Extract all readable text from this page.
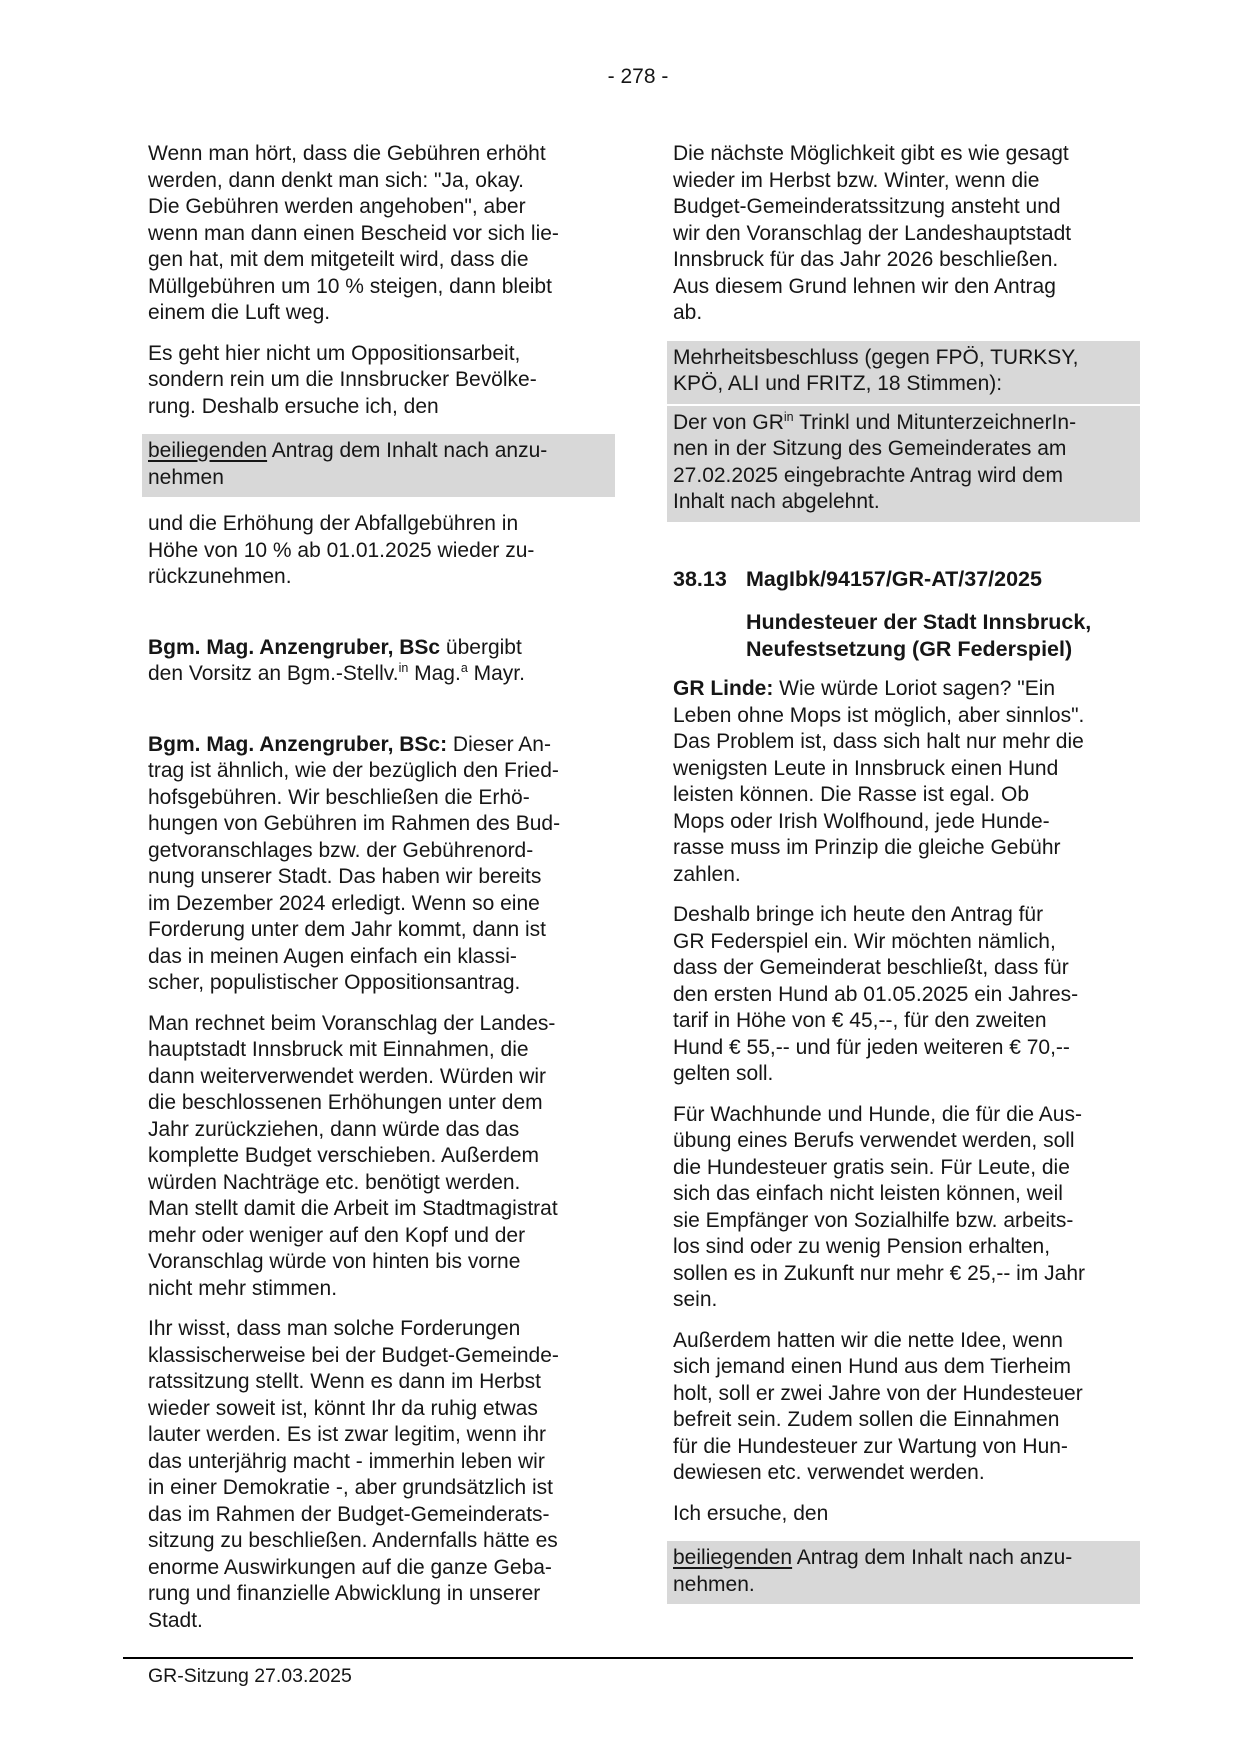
- 278 -
Wenn man hört, dass die Gebühren erhöht
werden, dann denkt man sich: "Ja, okay.
Die Gebühren werden angehoben", aber
wenn man dann einen Bescheid vor sich lie-
gen hat, mit dem mitgeteilt wird, dass die
Müllgebühren um 10 % steigen, dann bleibt
einem die Luft weg.
Es geht hier nicht um Oppositionsarbeit,
sondern rein um die Innsbrucker Bevölke-
rung. Deshalb ersuche ich, den
beiliegenden Antrag dem Inhalt nach anzu-
nehmen
und die Erhöhung der Abfallgebühren in
Höhe von 10 % ab 01.01.2025 wieder zu-
rückzunehmen.
Bgm. Mag. Anzengruber, BSc übergibt
den Vorsitz an Bgm.-Stellv.$^{in}$ Mag.$^a$ Mayr.
Bgm. Mag. Anzengruber, BSc: Dieser An-
trag ist ähnlich, wie der bezüglich den Fried-
hofsgebühren. Wir beschließen die Erhö-
hungen von Gebühren im Rahmen des Bud-
getvoranschlages bzw. der Gebührenord-
nung unserer Stadt. Das haben wir bereits
im Dezember 2024 erledigt. Wenn so eine
Forderung unter dem Jahr kommt, dann ist
das in meinen Augen einfach ein klassi-
scher, populistischer Oppositionsantrag.
Man rechnet beim Voranschlag der Landes-
hauptstadt Innsbruck mit Einnahmen, die
dann weiterverwendet werden. Würden wir
die beschlossenen Erhöhungen unter dem
Jahr zurückziehen, dann würde das das
komplette Budget verschieben. Außerdem
würden Nachträge etc. benötigt werden.
Man stellt damit die Arbeit im Stadtmagistrat
mehr oder weniger auf den Kopf und der
Voranschlag würde von hinten bis vorne
nicht mehr stimmen.
Ihr wisst, dass man solche Forderungen
klassischerweise bei der Budget-Gemeinde-
ratssitzung stellt. Wenn es dann im Herbst
wieder soweit ist, könnt Ihr da ruhig etwas
lauter werden. Es ist zwar legitim, wenn ihr
das unterjährig macht - immerhin leben wir
in einer Demokratie -, aber grundsätzlich ist
das im Rahmen der Budget-Gemeinderats-
sitzung zu beschließen. Andernfalls hätte es
enorme Auswirkungen auf die ganze Geba-
rung und finanzielle Abwicklung in unserer
Stadt.
Die nächste Möglichkeit gibt es wie gesagt
wieder im Herbst bzw. Winter, wenn die
Budget-Gemeinderatssitzung ansteht und
wir den Voranschlag der Landeshauptstadt
Innsbruck für das Jahr 2026 beschließen.
Aus diesem Grund lehnen wir den Antrag
ab.
Mehrheitsbeschluss (gegen FPÖ, TURKSY,
KPÖ, ALI und FRITZ, 18 Stimmen):
Der von $GR^{in}$ Trinkl und MitunterzeichnerIn-
nen in der Sitzung des Gemeinderates am
27.02.2025 eingebrachte Antrag wird dem
Inhalt nach abgelehnt.
38.13 MagIbk/94157/GR-AT/37/2025
Hundesteuer der Stadt Innsbruck,
Neufestsetzung (GR Federspiel)
GR Linde: Wie würde Loriot sagen? "Ein
Leben ohne Mops ist möglich, aber sinnlos".
Das Problem ist, dass sich halt nur mehr die
wenigsten Leute in Innsbruck einen Hund
leisten können. Die Rasse ist egal. Ob
Mops oder Irish Wolfhound, jede Hunde-
rasse muss im Prinzip die gleiche Gebühr
zahlen.
Deshalb bringe ich heute den Antrag für
GR Federspiel ein. Wir möchten nämlich,
dass der Gemeinderat beschließt, dass für
den ersten Hund ab 01.05.2025 ein Jahres-
tarif in Höhe von € 45,--, für den zweiten
Hund € 55,-- und für jeden weiteren € 70,--
gelten soll.
Für Wachhunde und Hunde, die für die Aus-
übung eines Berufs verwendet werden, soll
die Hundesteuer gratis sein. Für Leute, die
sich das einfach nicht leisten können, weil
sie Empfänger von Sozialhilfe bzw. arbeits-
los sind oder zu wenig Pension erhalten,
sollen es in Zukunft nur mehr € 25,-- im Jahr
sein.
Außerdem hatten wir die nette Idee, wenn
sich jemand einen Hund aus dem Tierheim
holt, soll er zwei Jahre von der Hundesteuer
befreit sein. Zudem sollen die Einnahmen
für die Hundesteuer zur Wartung von Hun-
dewiesen etc. verwendet werden.
Ich ersuche, den
beiliegenden Antrag dem Inhalt nach anzu-
nehmen.
GR-Sitzung 27.03.2025
